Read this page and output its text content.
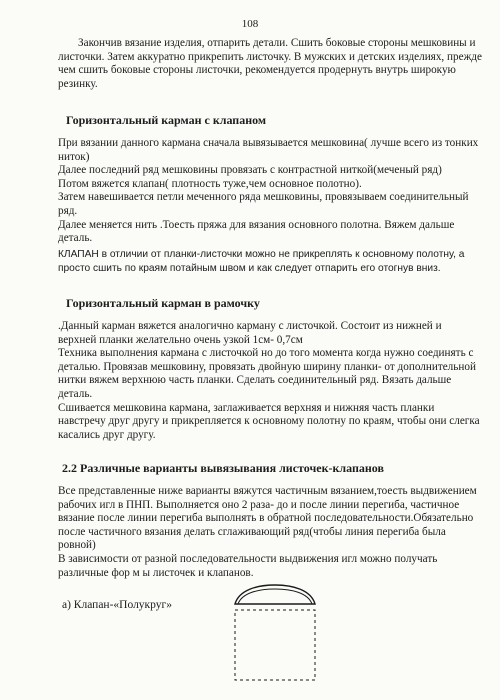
108

Закончив вязание изделия, отпарить детали. Сшить боковые стороны мешковины и листочки. Затем аккуратно прикрепить листочку. В мужских и детских изделиях, прежде чем сшить боковые стороны листочки, рекомендуется продернуть внутрь широкую резинку.

Горизонтальный карман с клапаном

При вязании данного кармана сначала вывязывается мешковина( лучше всего из тонких ниток)

Далее последний ряд мешковины провязать с контрастной ниткой(меченый ряд)

Потом вяжется клапан( плотность туже,чем основное полотно).

Затем навешивается петли меченного ряда мешковины, провязываем соединительный ряд.

Далее меняется нить .Тоесть пряжа для вязания основного полотна. Вяжем дальше деталь.

КЛАПАН в отличии от планки-листочки можно не прикреплять к основному полотну, а просто сшить по краям потайным швом и как следует отпарить его отогнув вниз.
Горизонтальный карман в рамочку

.Данный карман вяжется аналогично карману с листочкой. Состоит из нижней и верхней планки желательно очень узкой 1см- 0,7см

Техника выполнения кармана с листочкой но до того момента когда нужно соединять с деталью. Провязав мешковину, провязать двойную ширину планки- от дополнительной нитки вяжем верхнюю часть планки. Сделать соединительный ряд. Вязать дальше деталь.

Сшивается мешковина кармана, заглаживается верхняя и нижняя часть планки навстречу друг другу и прикрепляется к основному полотну по краям, чтобы они слегка касались друг другу.

2.2 Различные варианты вывязывания листочек-клапанов

Все представленные ниже варианты вяжутся частичным вязанием,тоесть выдвижением рабочих игл в ПНП. Выполняется оно 2 раза- до и после линии перегиба, частичное вязание после линии перегиба выполнять в обратной последовательности.Обязательно после частичного вязания делать сглаживающий ряд(чтобы линия перегиба была ровной)

В зависимости от разной последовательности выдвижения игл можно получать различные фор м ы листочек и клапанов.

а) Клапан-«Полукруг»
